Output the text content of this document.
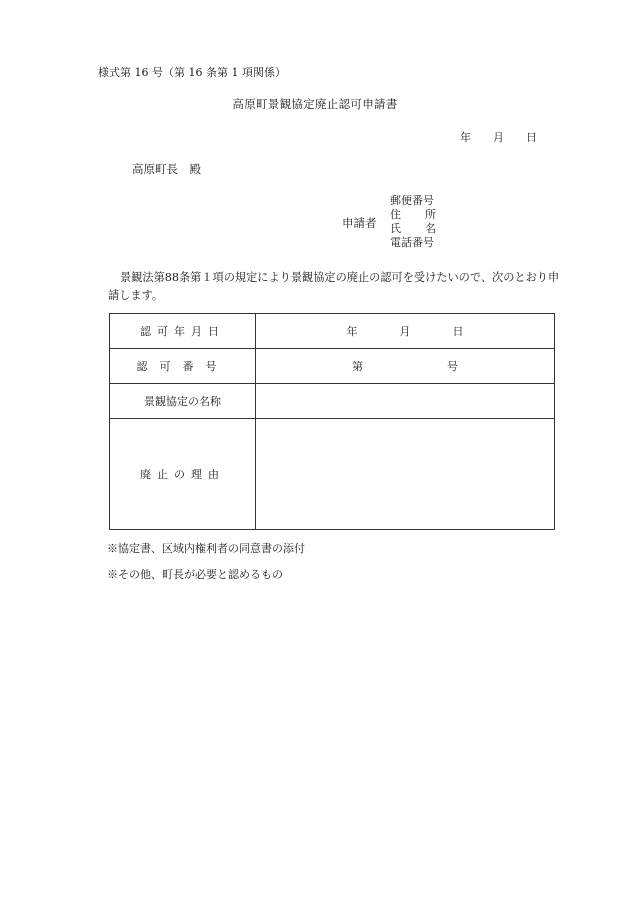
様式第 16 号（第 16 条第 1 項関係）
高原町景観協定廃止認可申請書
年 月 日
高原町長　殿
申請者
郵便番号
住 所
氏 名
電話番号
景観法第88条第１項の規定により景観協定の廃止の認可を受けたいので、次のとおり申請します。
認可年月日	年 月 日
認可番号	第 号
景観協定の名称	
廃止の理由	
※協定書、区域内権利者の同意書の添付
※その他、町長が必要と認めるもの
